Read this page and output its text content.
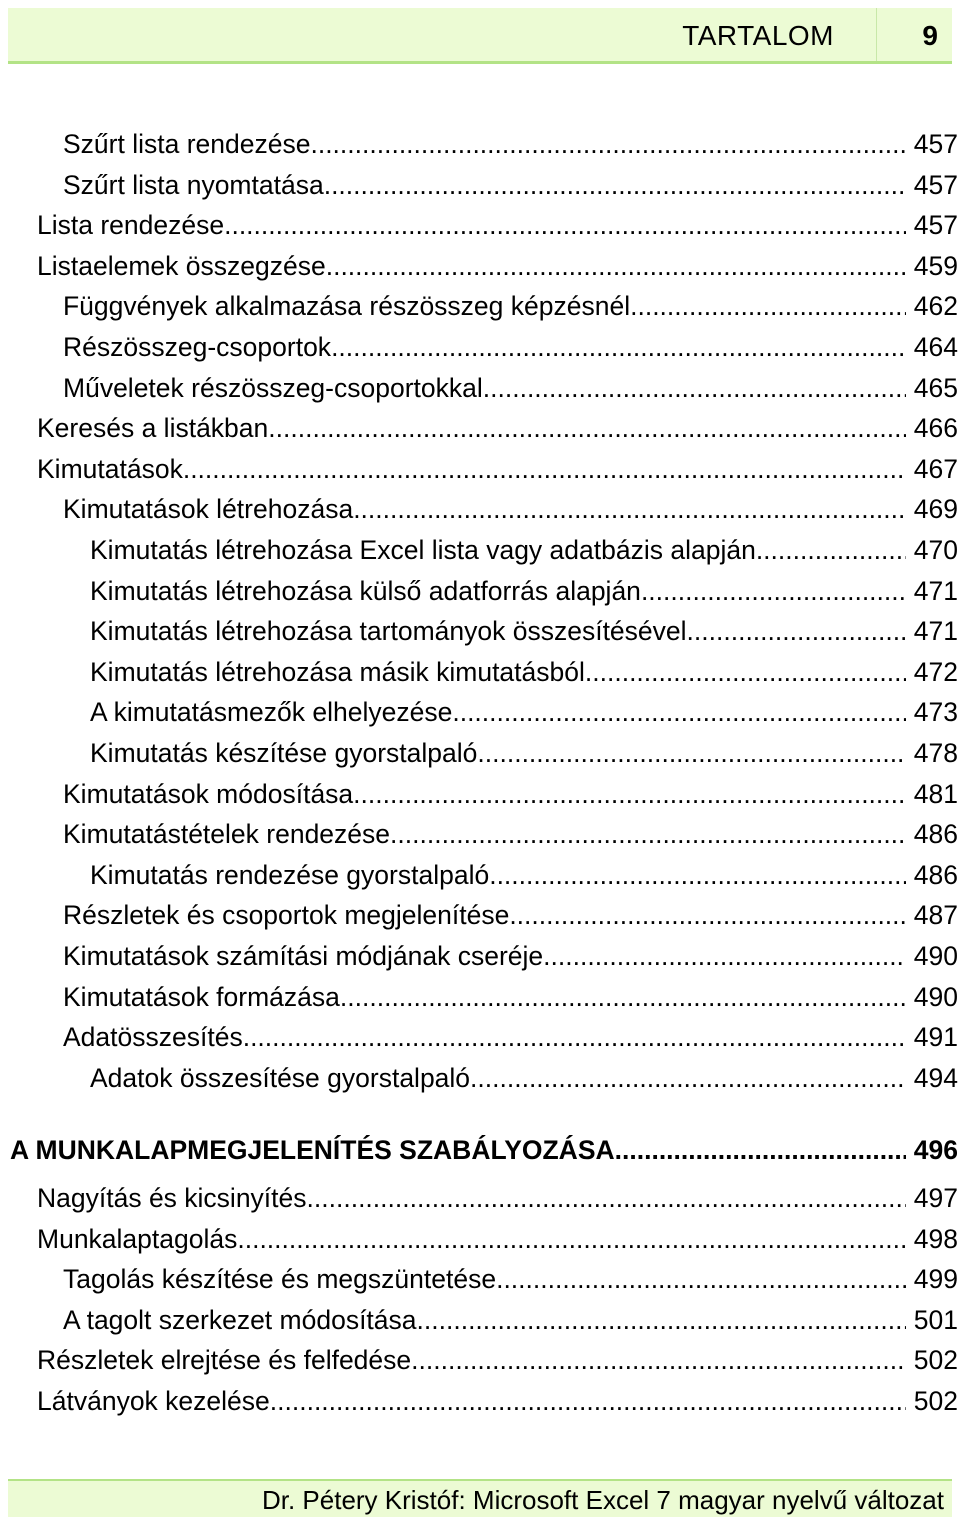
TARTALOM	9
Szűrt lista rendezése .....	457
Szűrt lista nyomtatása .....	457
Lista rendezése .....	457
Listaelemek összegzése .....	459
Függvények alkalmazása részösszeg képzésnél .....	462
Részösszeg-csoportok .....	464
Műveletek részösszeg-csoportokkal .....	465
Keresés a listákban .....	466
Kimutatások .....	467
Kimutatások létrehozása .....	469
Kimutatás létrehozása Excel lista vagy adatbázis alapján .....	470
Kimutatás létrehozása külső adatforrás alapján .....	471
Kimutatás létrehozása tartományok összesítésével .....	471
Kimutatás létrehozása másik kimutatásból .....	472
A kimutatásmezők elhelyezése .....	473
Kimutatás készítése gyorstalpaló .....	478
Kimutatások módosítása .....	481
Kimutatástételek rendezése .....	486
Kimutatás rendezése gyorstalpaló .....	486
Részletek és csoportok megjelenítése .....	487
Kimutatások számítási módjának cseréje .....	490
Kimutatások formázása .....	490
Adatösszesítés .....	491
Adatok összesítése gyorstalpaló .....	494
A MUNKALAPMEGJELENÍTÉS SZABÁLYOZÁSA .....	496
Nagyítás és kicsinyítés .....	497
Munkalaptagolás .....	498
Tagolás készítése és megszüntetése .....	499
A tagolt szerkezet módosítása .....	501
Részletek elrejtése és felfedése .....	502
Látványok kezelése .....	502
Dr. Pétery Kristóf: Microsoft Excel 7 magyar nyelvű változat
